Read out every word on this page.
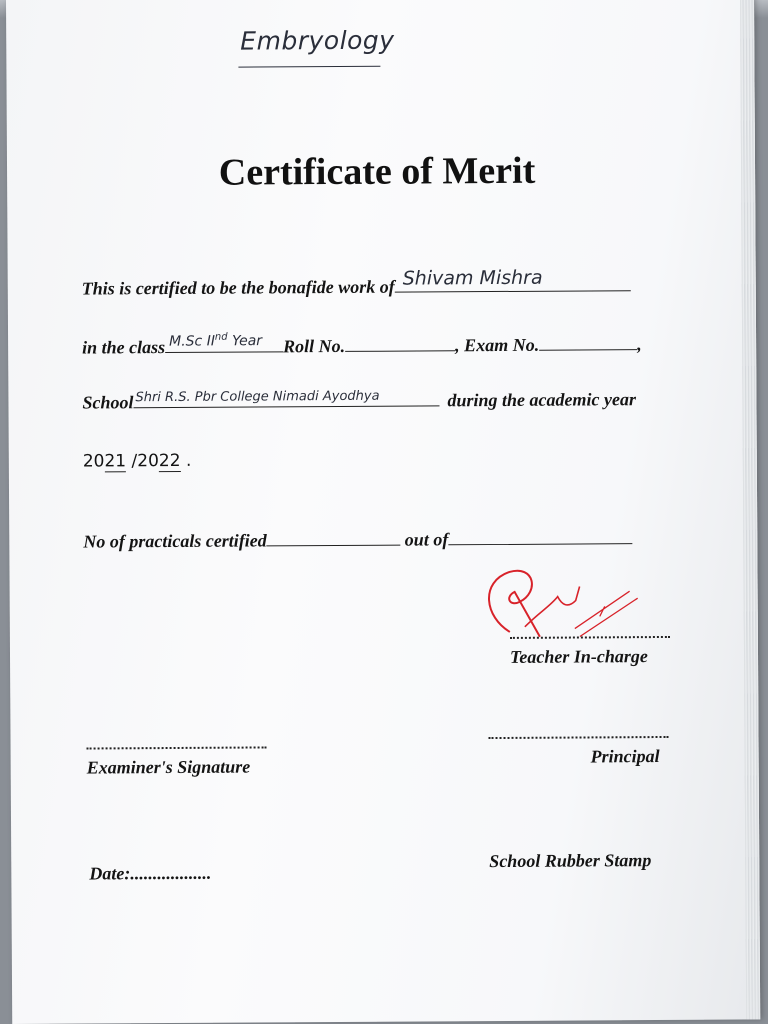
Embryology
Certificate of Merit
This is certified to be the bonafide work of Shivam Mishra
in the class M.Sc IInd Year Roll No.	, Exam No.	,
School Shri R.S. Pbr College Nimadi Ayodhya	during the academic year
2021 /2022 .
No of practicals certified	out of
Teacher In-charge
Examiner's Signature
Principal
Date:..................
School Rubber Stamp
